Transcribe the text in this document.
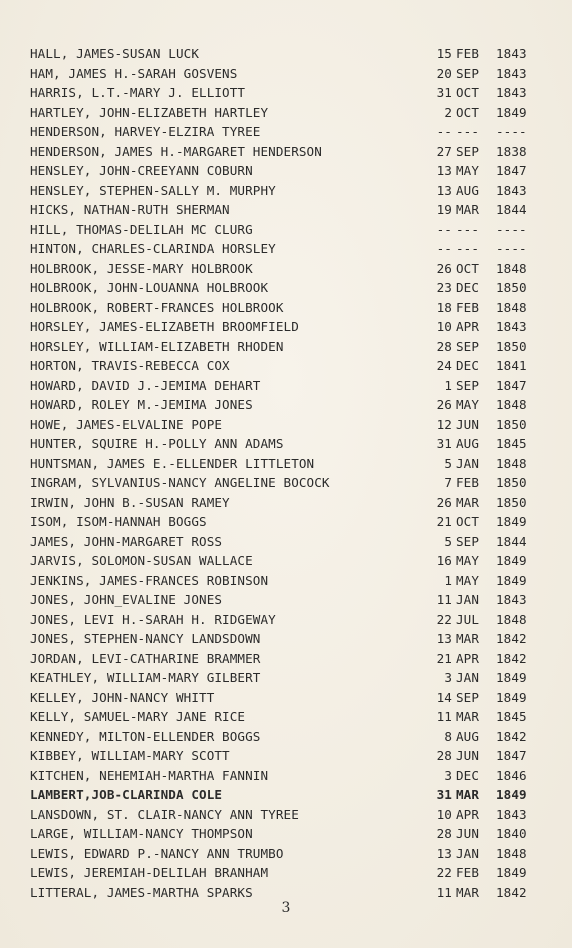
HALL, JAMES-SUSAN LUCK	15 FEB 1843
HAM, JAMES H.-SARAH GOSVENS	20 SEP 1843
HARRIS, L.T.-MARY J. ELLIOTT	31 OCT 1843
HARTLEY, JOHN-ELIZABETH HARTLEY	2 OCT 1849
HENDERSON, HARVEY-ELZIRA TYREE	-- --- ----
HENDERSON, JAMES H.-MARGARET HENDERSON	27 SEP 1838
HENSLEY, JOHN-CREEYANN COBURN	13 MAY 1847
HENSLEY, STEPHEN-SALLY M. MURPHY	13 AUG 1843
HICKS, NATHAN-RUTH SHERMAN	19 MAR 1844
HILL, THOMAS-DELILAH MC CLURG	-- --- ----
HINTON, CHARLES-CLARINDA HORSLEY	-- --- ----
HOLBROOK, JESSE-MARY HOLBROOK	26 OCT 1848
HOLBROOK, JOHN-LOUANNA HOLBROOK	23 DEC 1850
HOLBROOK, ROBERT-FRANCES HOLBROOK	18 FEB 1848
HORSLEY, JAMES-ELIZABETH BROOMFIELD	10 APR 1843
HORSLEY, WILLIAM-ELIZABETH RHODEN	28 SEP 1850
HORTON, TRAVIS-REBECCA COX	24 DEC 1841
HOWARD, DAVID J.-JEMIMA DEHART	1 SEP 1847
HOWARD, ROLEY M.-JEMIMA JONES	26 MAY 1848
HOWE, JAMES-ELVALINE POPE	12 JUN 1850
HUNTER, SQUIRE H.-POLLY ANN ADAMS	31 AUG 1845
HUNTSMAN, JAMES E.-ELLENDER LITTLETON	5 JAN 1848
INGRAM, SYLVANIUS-NANCY ANGELINE BOCOCK	7 FEB 1850
IRWIN, JOHN B.-SUSAN RAMEY	26 MAR 1850
ISOM, ISOM-HANNAH BOGGS	21 OCT 1849
JAMES, JOHN-MARGARET ROSS	5 SEP 1844
JARVIS, SOLOMON-SUSAN WALLACE	16 MAY 1849
JENKINS, JAMES-FRANCES ROBINSON	1 MAY 1849
JONES, JOHN_EVALINE JONES	11 JAN 1843
JONES, LEVI H.-SARAH H. RIDGEWAY	22 JUL 1848
JONES, STEPHEN-NANCY LANDSDOWN	13 MAR 1842
JORDAN, LEVI-CATHARINE BRAMMER	21 APR 1842
KEATHLEY, WILLIAM-MARY GILBERT	3 JAN 1849
KELLEY, JOHN-NANCY WHITT	14 SEP 1849
KELLY, SAMUEL-MARY JANE RICE	11 MAR 1845
KENNEDY, MILTON-ELLENDER BOGGS	8 AUG 1842
KIBBEY, WILLIAM-MARY SCOTT	28 JUN 1847
KITCHEN, NEHEMIAH-MARTHA FANNIN	3 DEC 1846
LAMBERT,JOB-CLARINDA COLE	31 MAR 1849
LANSDOWN, ST. CLAIR-NANCY ANN TYREE	10 APR 1843
LARGE, WILLIAM-NANCY THOMPSON	28 JUN 1840
LEWIS, EDWARD P.-NANCY ANN TRUMBO	13 JAN 1848
LEWIS, JEREMIAH-DELILAH BRANHAM	22 FEB 1849
LITTERAL, JAMES-MARTHA SPARKS	11 MAR 1842
3
